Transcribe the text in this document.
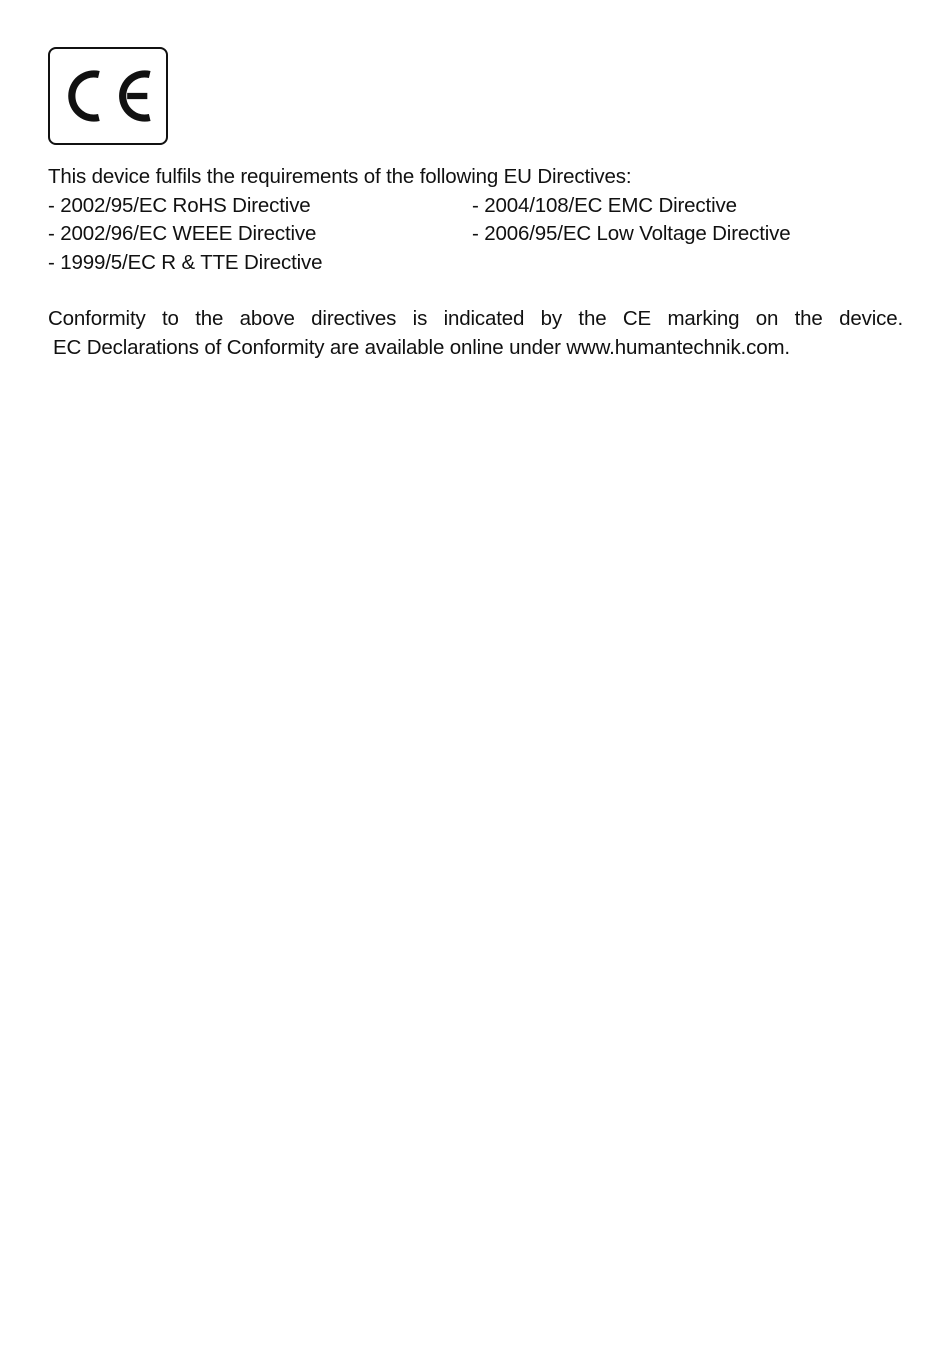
This device fulfils the requirements of the following EU Directives:
- 2002/95/EC RoHS Directive	- 2004/108/EC EMC Directive
- 2002/96/EC WEEE Directive	- 2006/95/EC Low Voltage Directive
- 1999/5/EC R & TTE Directive
Conformity to the above directives is indicated by the CE marking on the device.
EC Declarations of Conformity are available online under www.humantechnik.com.
